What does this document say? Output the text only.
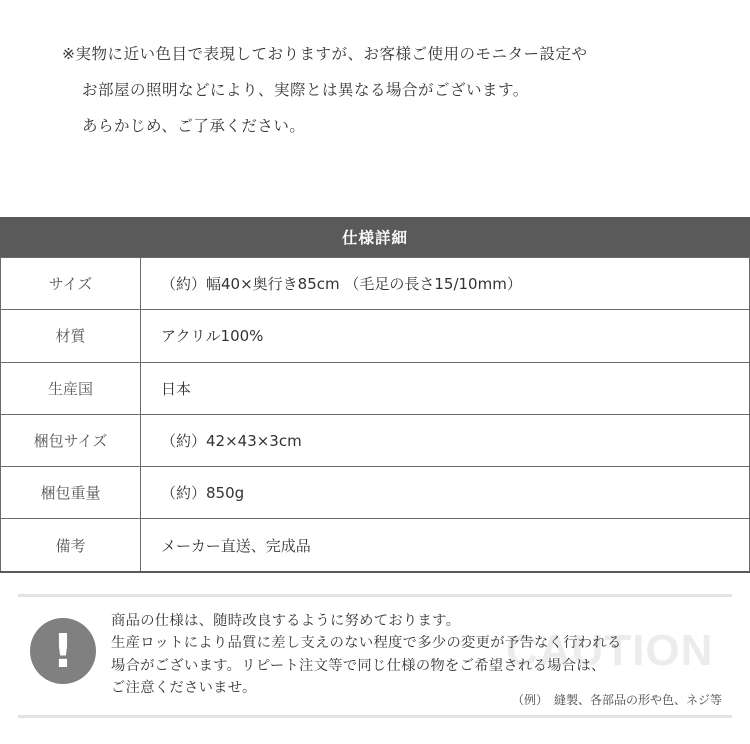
※実物に近い色目で表現しておりますが、お客様ご使用のモニター設定や
お部屋の照明などにより、実際とは異なる場合がございます。
あらかじめ、ご了承ください。
仕様詳細
サイズ	（約）幅40×奥行き85cm （毛足の長さ15/10mm）
材質	アクリル100%
生産国	日本
梱包サイズ	（約）42×43×3cm
梱包重量	（約）850g
備考	メーカー直送、完成品
CAUTION
!
商品の仕様は、随時改良するように努めております。
生産ロットにより品質に差し支えのない程度で多少の変更が予告なく行われる
場合がございます。リピート注文等で同じ仕様の物をご希望される場合は、
ご注意くださいませ。
（例）　縫製、各部品の形や色、ネジ等
